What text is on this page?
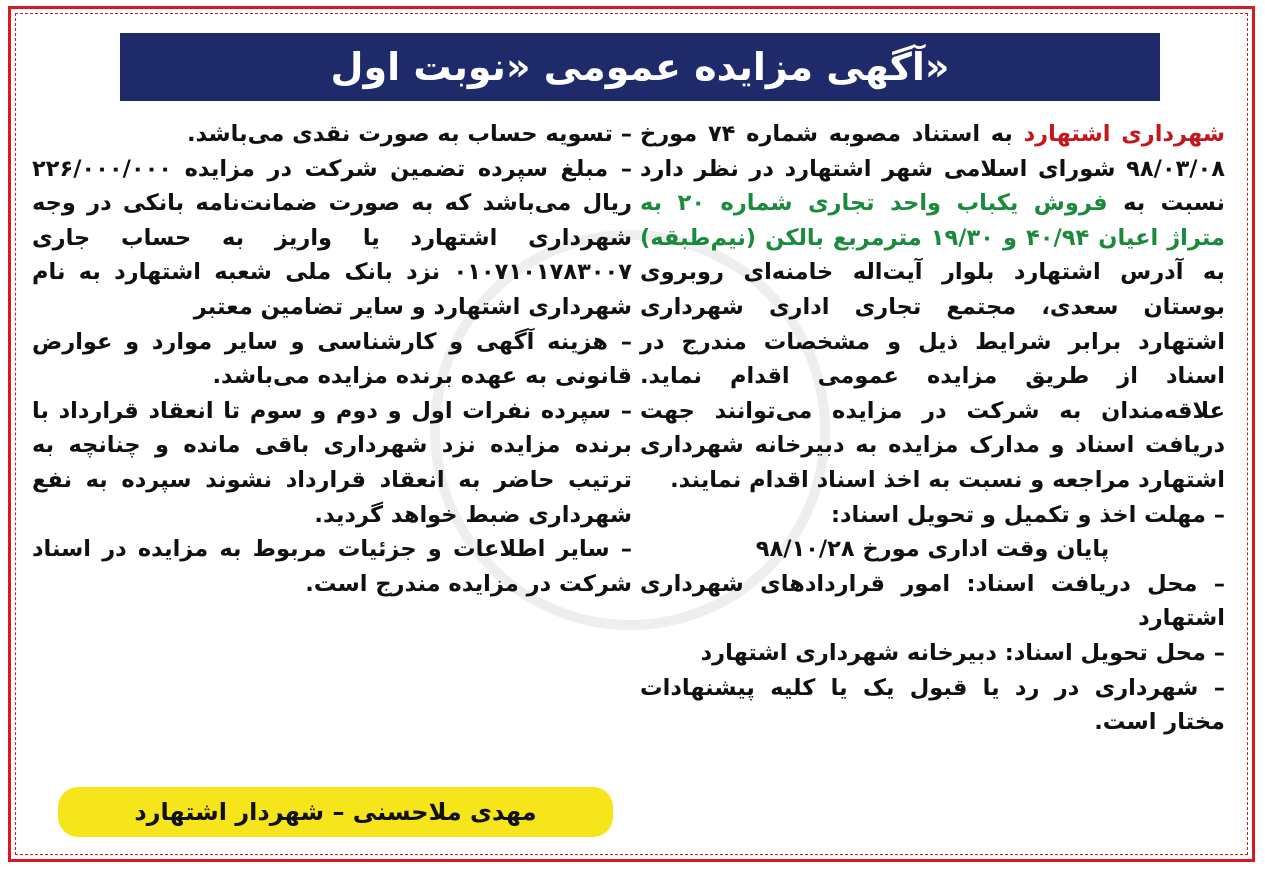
آگهی مزایده عمومی «نوبت اول»

شهرداری اشتهارد به استناد مصوبه شماره ۷۴ مورخ ۹۸/۰۳/۰۸ شورای اسلامی شهر اشتهارد در نظر دارد نسبت به فروش یکباب واحد تجاری شماره ۲۰ به متراژ اعیان ۴۰/۹۴ و ۱۹/۳۰ مترمربع بالکن (نیم‌طبقه) به آدرس اشتهارد بلوار آیت‌اله خامنه‌ای روبروی بوستان سعدی، مجتمع تجاری اداری شهرداری اشتهارد برابر شرایط ذیل و مشخصات مندرج در اسناد از طریق مزایده عمومی اقدام نماید. علاقه‌مندان به شرکت در مزایده می‌توانند جهت دریافت اسناد و مدارک مزایده به دبیرخانه شهرداری اشتهارد مراجعه و نسبت به اخذ اسناد اقدام نمایند.

– مهلت اخذ و تکمیل و تحویل اسناد:

پایان وقت اداری مورخ ۹۸/۱۰/۲۸

– محل دریافت اسناد: امور قراردادهای شهرداری اشتهارد

– محل تحویل اسناد: دبیرخانه شهرداری اشتهارد

– شهرداری در رد یا قبول یک یا کلیه پیشنهادات مختار است.

– تسویه حساب به صورت نقدی می‌باشد.

– مبلغ سپرده تضمین شرکت در مزایده ۲۲۶/۰۰۰/۰۰۰ ریال می‌باشد که به صورت ضمانت‌نامه بانکی در وجه شهرداری اشتهارد یا واریز به حساب جاری ۰۱۰۷۱۰۱۷۸۳۰۰۷ نزد بانک ملی شعبه اشتهارد به نام شهرداری اشتهارد و سایر تضامین معتبر

– هزینه آگهی و کارشناسی و سایر موارد و عوارض قانونی به عهده برنده مزایده می‌باشد.

– سپرده نفرات اول و دوم و سوم تا انعقاد قرارداد با برنده مزایده نزد شهرداری باقی مانده و چنانچه به ترتیب حاضر به انعقاد قرارداد نشوند سپرده به نفع شهرداری ضبط خواهد گردید.

– سایر اطلاعات و جزئیات مربوط به مزایده در اسناد شرکت در مزایده مندرج است.

مهدی ملاحسنی – شهردار اشتهارد
